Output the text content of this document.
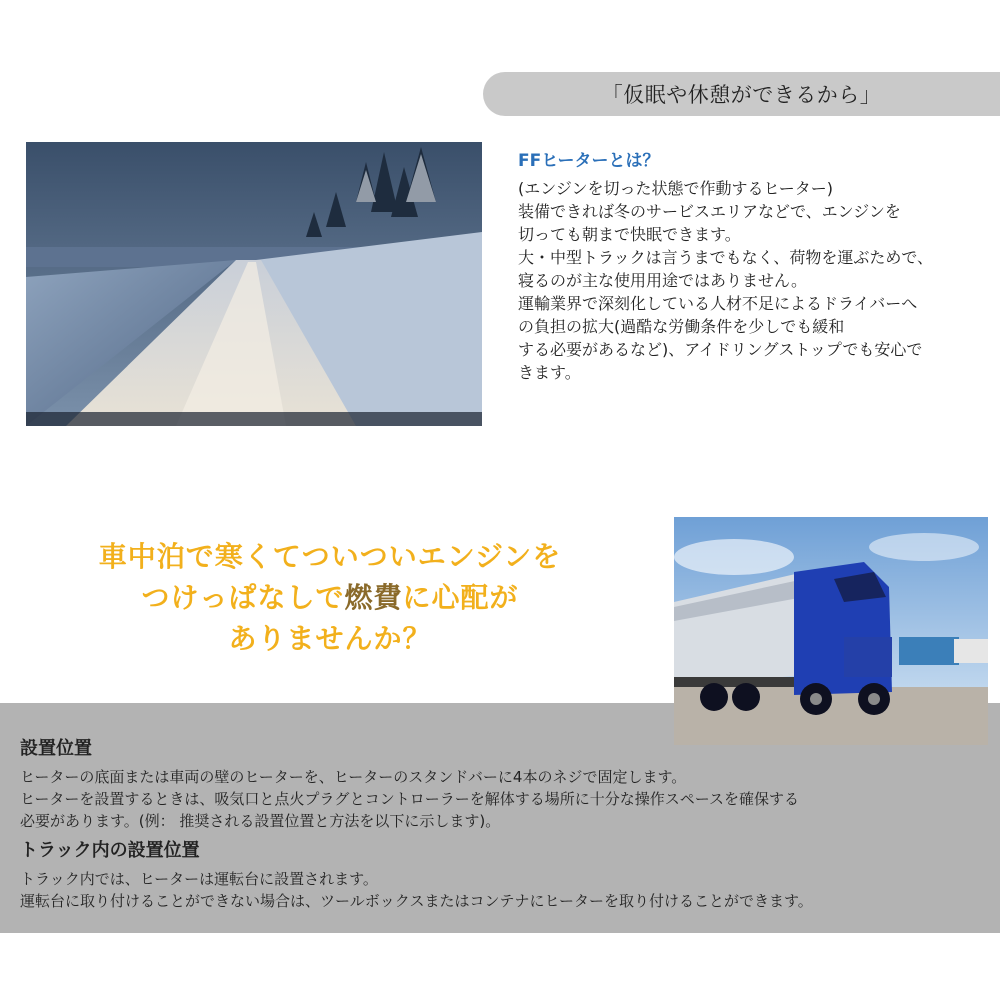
「仮眠や休憩ができるから」
FFヒーターとは？
(エンジンを切った状態で作動するヒーター)
装備できれば冬のサービスエリアなどで、エンジンを
切っても朝まで快眠できます。
大・中型トラックは言うまでもなく、荷物を運ぶためで、
寝るのが主な使用用途ではありません。
運輸業界で深刻化している人材不足によるドライバーへ
の負担の拡大(過酷な労働条件を少しでも緩和
する必要があるなど)、アイドリングストップでも安心で
きます。
車中泊で寒くてついついエンジンを
つけっぱなしで燃費に心配が
ありませんか？
設置位置

ヒーターの底面または車両の壁のヒーターを、ヒーターのスタンドバーに4本のネジで固定します。

ヒーターを設置するときは、吸気口と点火プラグとコントローラーを解体する場所に十分な操作スペースを確保する

必要があります。(例： 推奨される設置位置と方法を以下に示します)。

トラック内の設置位置

トラック内では、ヒーターは運転台に設置されます。

運転台に取り付けることができない場合は、ツールボックスまたはコンテナにヒーターを取り付けることができます。
